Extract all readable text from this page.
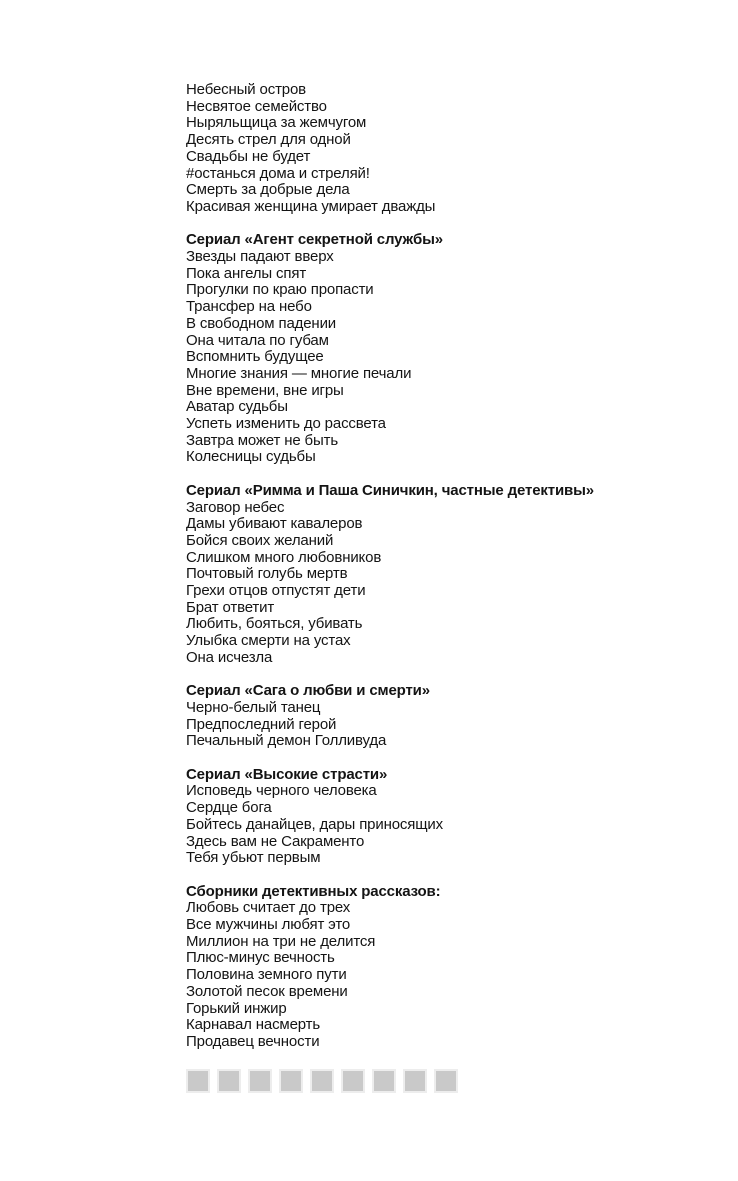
Небесный остров

Несвятое семейство

Ныряльщица за жемчугом

Десять стрел для одной

Свадьбы не будет

#останься дома и стреляй!

Смерть за добрые дела

Красивая женщина умирает дважды

Сериал «Агент секретной службы»

Звезды падают вверх

Пока ангелы спят

Прогулки по краю пропасти

Трансфер на небо

В свободном падении

Она читала по губам

Вспомнить будущее

Многие знания — многие печали

Вне времени, вне игры

Аватар судьбы

Успеть изменить до рассвета

Завтра может не быть

Колесницы судьбы

Сериал «Римма и Паша Синичкин, частные детективы»

Заговор небес

Дамы убивают кавалеров

Бойся своих желаний

Слишком много любовников

Почтовый голубь мертв

Грехи отцов отпустят дети

Брат ответит

Любить, бояться, убивать

Улыбка смерти на устах

Она исчезла

Сериал «Сага о любви и смерти»

Черно-белый танец

Предпоследний герой

Печальный демон Голливуда

Сериал «Высокие страсти»

Исповедь черного человека

Сердце бога

Бойтесь данайцев, дары приносящих

Здесь вам не Сакраменто

Тебя убьют первым

Сборники детективных рассказов:

Любовь считает до трех

Все мужчины любят это

Миллион на три не делится

Плюс-минус вечность

Половина земного пути

Золотой песок времени

Горький инжир

Карнавал насмерть

Продавец вечности
